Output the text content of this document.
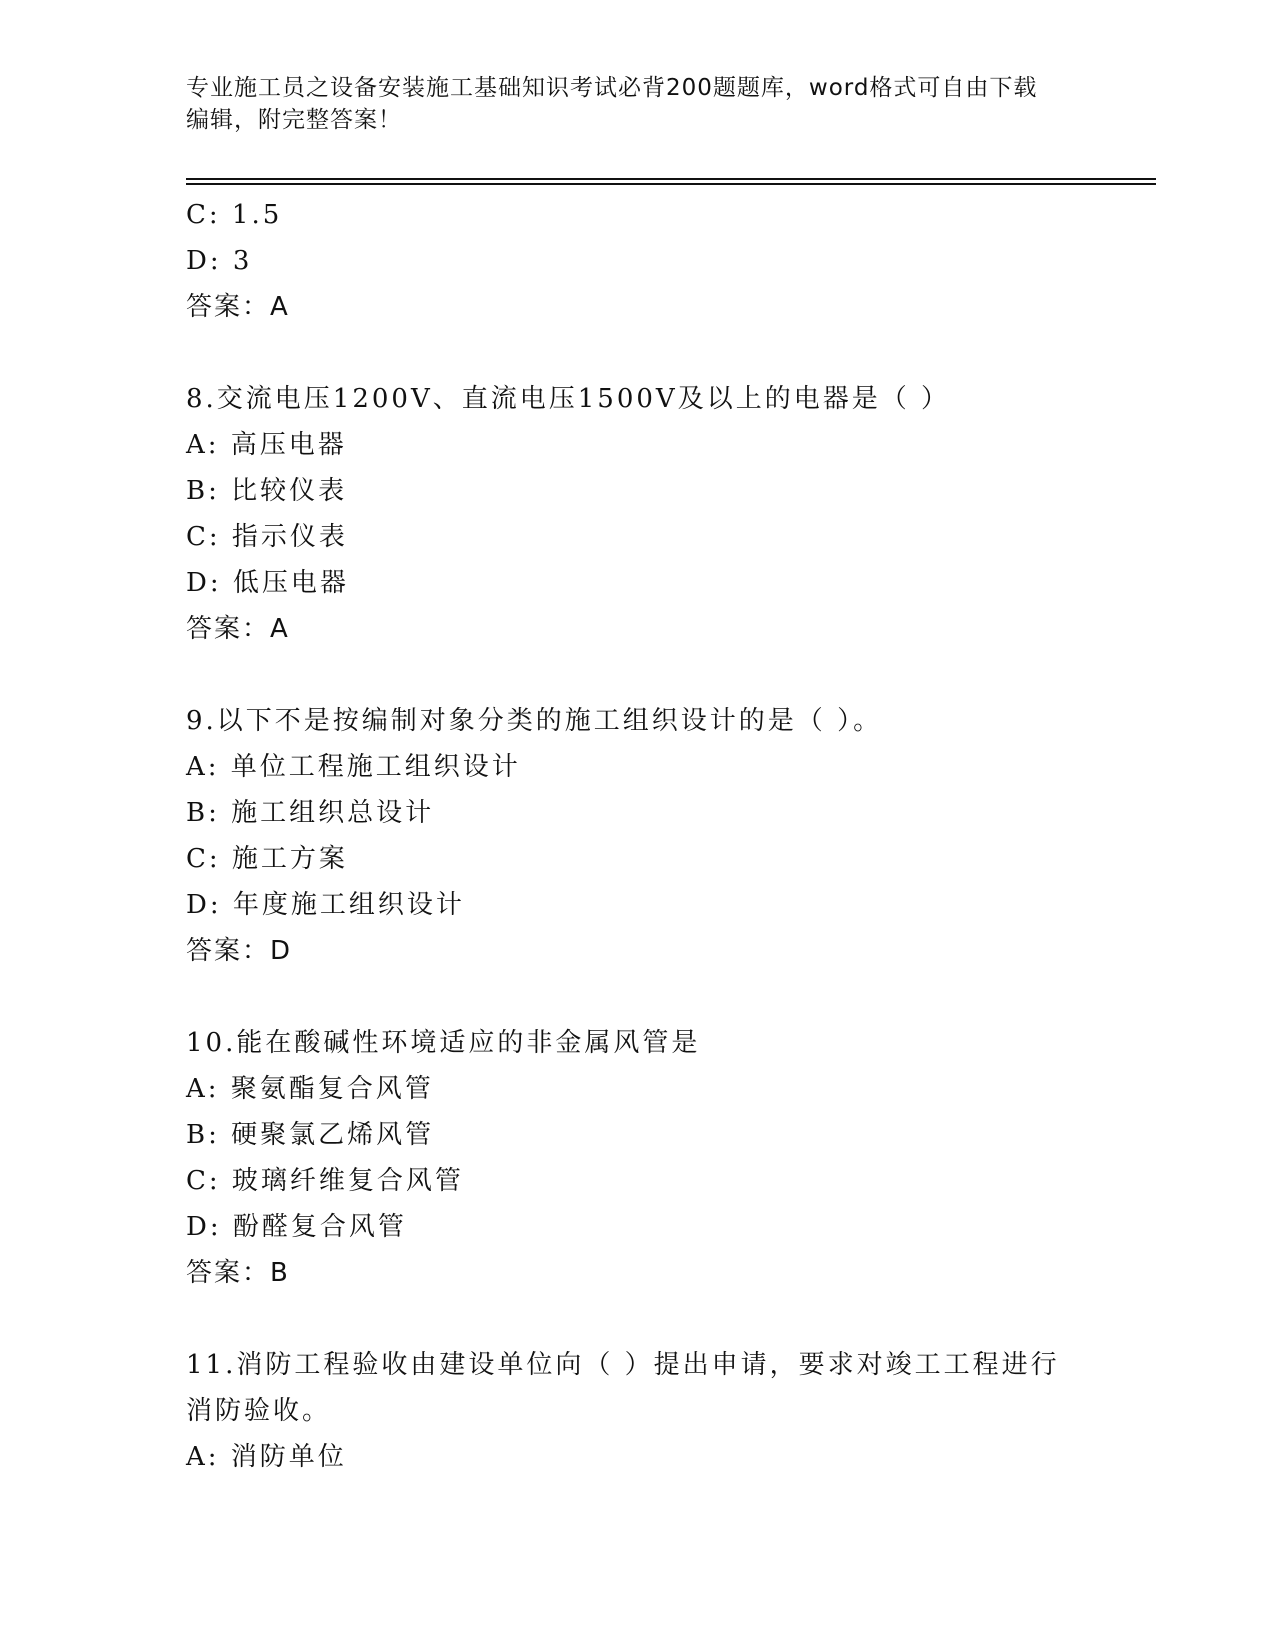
专业施工员之设备安装施工基础知识考试必背200题题库，word格式可自由下载
编辑，附完整答案！
C: 1.5
D: 3
答案：A
8.交流电压1200V、直流电压1500V及以上的电器是（ ）
A: 高压电器
B: 比较仪表
C: 指示仪表
D: 低压电器
答案：A
9.以下不是按编制对象分类的施工组织设计的是（ ）。
A: 单位工程施工组织设计
B: 施工组织总设计
C: 施工方案
D: 年度施工组织设计
答案：D
10.能在酸碱性环境适应的非金属风管是
A: 聚氨酯复合风管
B: 硬聚氯乙烯风管
C: 玻璃纤维复合风管
D: 酚醛复合风管
答案：B
11.消防工程验收由建设单位向（ ）提出申请，要求对竣工工程进行
消防验收。
A: 消防单位
